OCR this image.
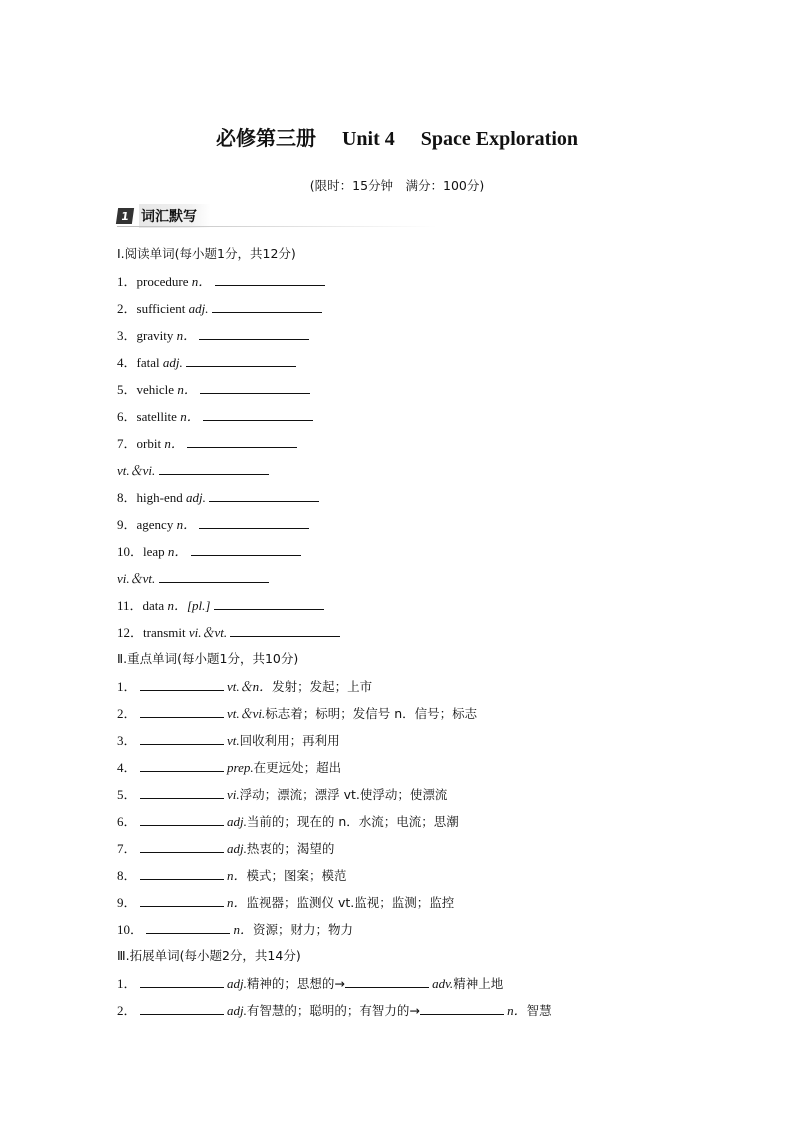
必修第三册 Unit 4 Space Exploration
(限时：15分钟　满分：100分)
1 词汇默写
Ⅰ.阅读单词(每小题1分，共12分)
1．procedure n．
2．sufficient adj.
3．gravity n．
4．fatal adj.
5．vehicle n．
6．satellite n．
7．orbit n．
vt.＆vi.
8．high-end adj.
9．agency n．
10．leap n．
vi.＆vt.
11．data n．[pl.]
12．transmit vi.＆vt.
Ⅱ.重点单词(每小题1分，共10分)
1．	vt.＆n．发射；发起；上市
2．	vt.＆vi.标志着；标明；发信号 n．信号；标志
3．	vt.回收利用；再利用
4．	prep.在更远处；超出
5．	vi.浮动；漂流；漂浮 vt.使浮动；使漂流
6．	adj.当前的；现在的 n．水流；电流；思潮
7．	adj.热衷的；渴望的
8．	n．模式；图案；模范
9．	n．监视器；监测仪 vt.监视；监测；监控
10．	n．资源；财力；物力
Ⅲ.拓展单词(每小题2分，共14分)
1．	adj.精神的；思想的→	adv.精神上地
2．	adj.有智慧的；聪明的；有智力的→	n．智慧
